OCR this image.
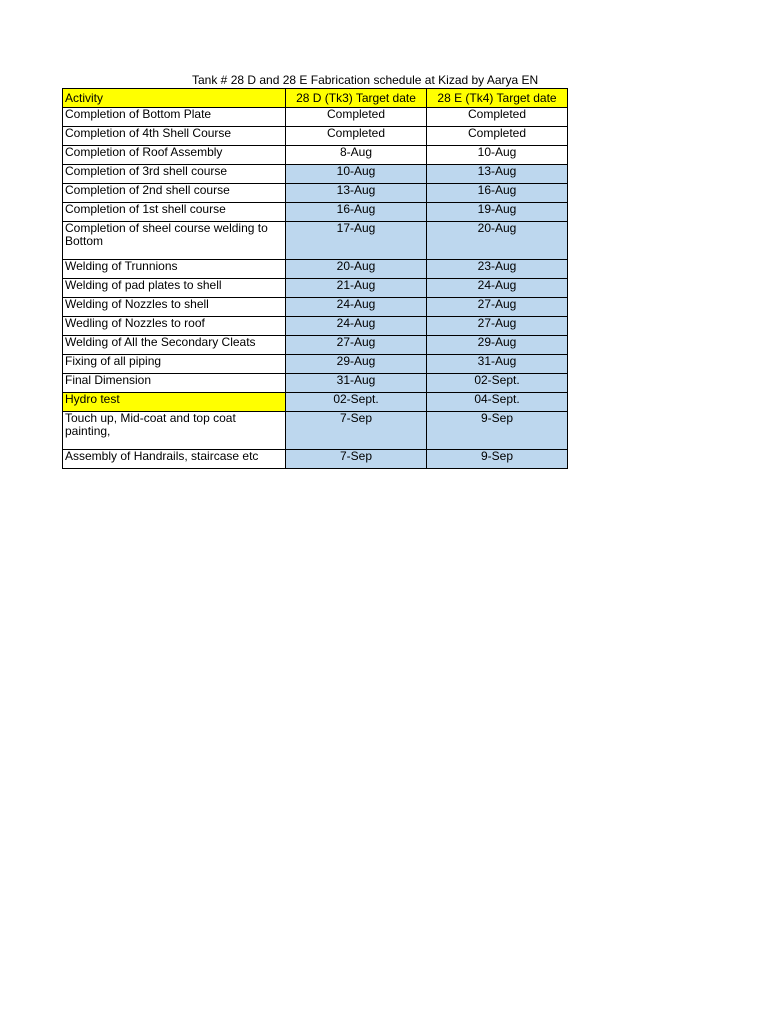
Tank # 28 D and 28 E Fabrication schedule at Kizad by Aarya EN
Activity	28 D (Tk3) Target date	28 E (Tk4) Target date
Completion of Bottom Plate	Completed	Completed
Completion of 4th Shell Course	Completed	Completed
Completion of Roof Assembly	8-Aug	10-Aug
Completion of 3rd shell course	10-Aug	13-Aug
Completion of 2nd shell course	13-Aug	16-Aug
Completion of 1st shell course	16-Aug	19-Aug
Completion of sheel course welding to Bottom	17-Aug	20-Aug
Welding of Trunnions	20-Aug	23-Aug
Welding of pad plates to shell	21-Aug	24-Aug
Welding of Nozzles to shell	24-Aug	27-Aug
Wedling of Nozzles to roof	24-Aug	27-Aug
Welding of All the Secondary Cleats	27-Aug	29-Aug
Fixing of all piping	29-Aug	31-Aug
Final Dimension	31-Aug	02-Sept.
Hydro test	02-Sept.	04-Sept.
Touch up, Mid-coat and top coat painting,	7-Sep	9-Sep
Assembly of Handrails, staircase etc	7-Sep	9-Sep
